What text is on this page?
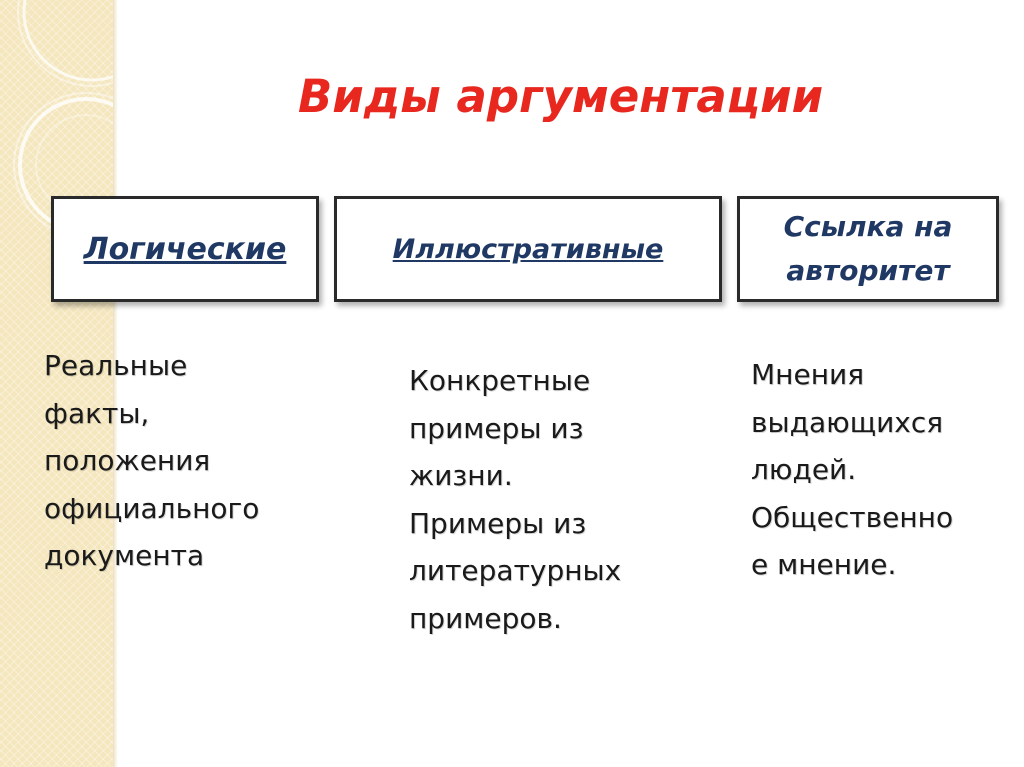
Виды аргументации
Логические	Иллюстративные
Ссылка на авторитет
Реальные
факты,
положения
официального
документа
Конкретные
примеры из
жизни.
Примеры из
литературных
примеров.
Мнения
выдающихся
людей.
Общественно
е мнение.
